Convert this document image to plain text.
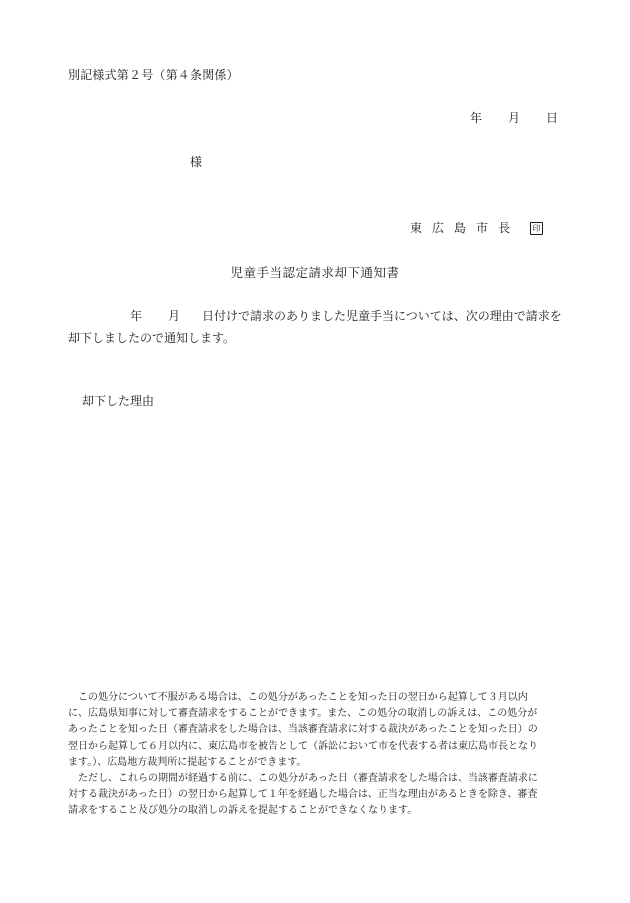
別記様式第２号（第４条関係）
年 月 日
様
東 広 島 市 長	印
児童手当認定請求却下通知書
年 月 日付けで請求のありました児童手当については、次の理由で請求を
却下しましたので通知します。
却下した理由
　この処分について不服がある場合は、この処分があったことを知った日の翌日から起算して３月以内
に、広島県知事に対して審査請求をすることができます。また、この処分の取消しの訴えは、この処分が
あったことを知った日（審査請求をした場合は、当該審査請求に対する裁決があったことを知った日）の
翌日から起算して６月以内に、東広島市を被告として（訴訟において市を代表する者は東広島市長となり
ます。）、広島地方裁判所に提起することができます。
　ただし、これらの期間が経過する前に、この処分があった日（審査請求をした場合は、当該審査請求に
対する裁決があった日）の翌日から起算して１年を経過した場合は、正当な理由があるときを除き、審査
請求をすること及び処分の取消しの訴えを提起することができなくなります。
